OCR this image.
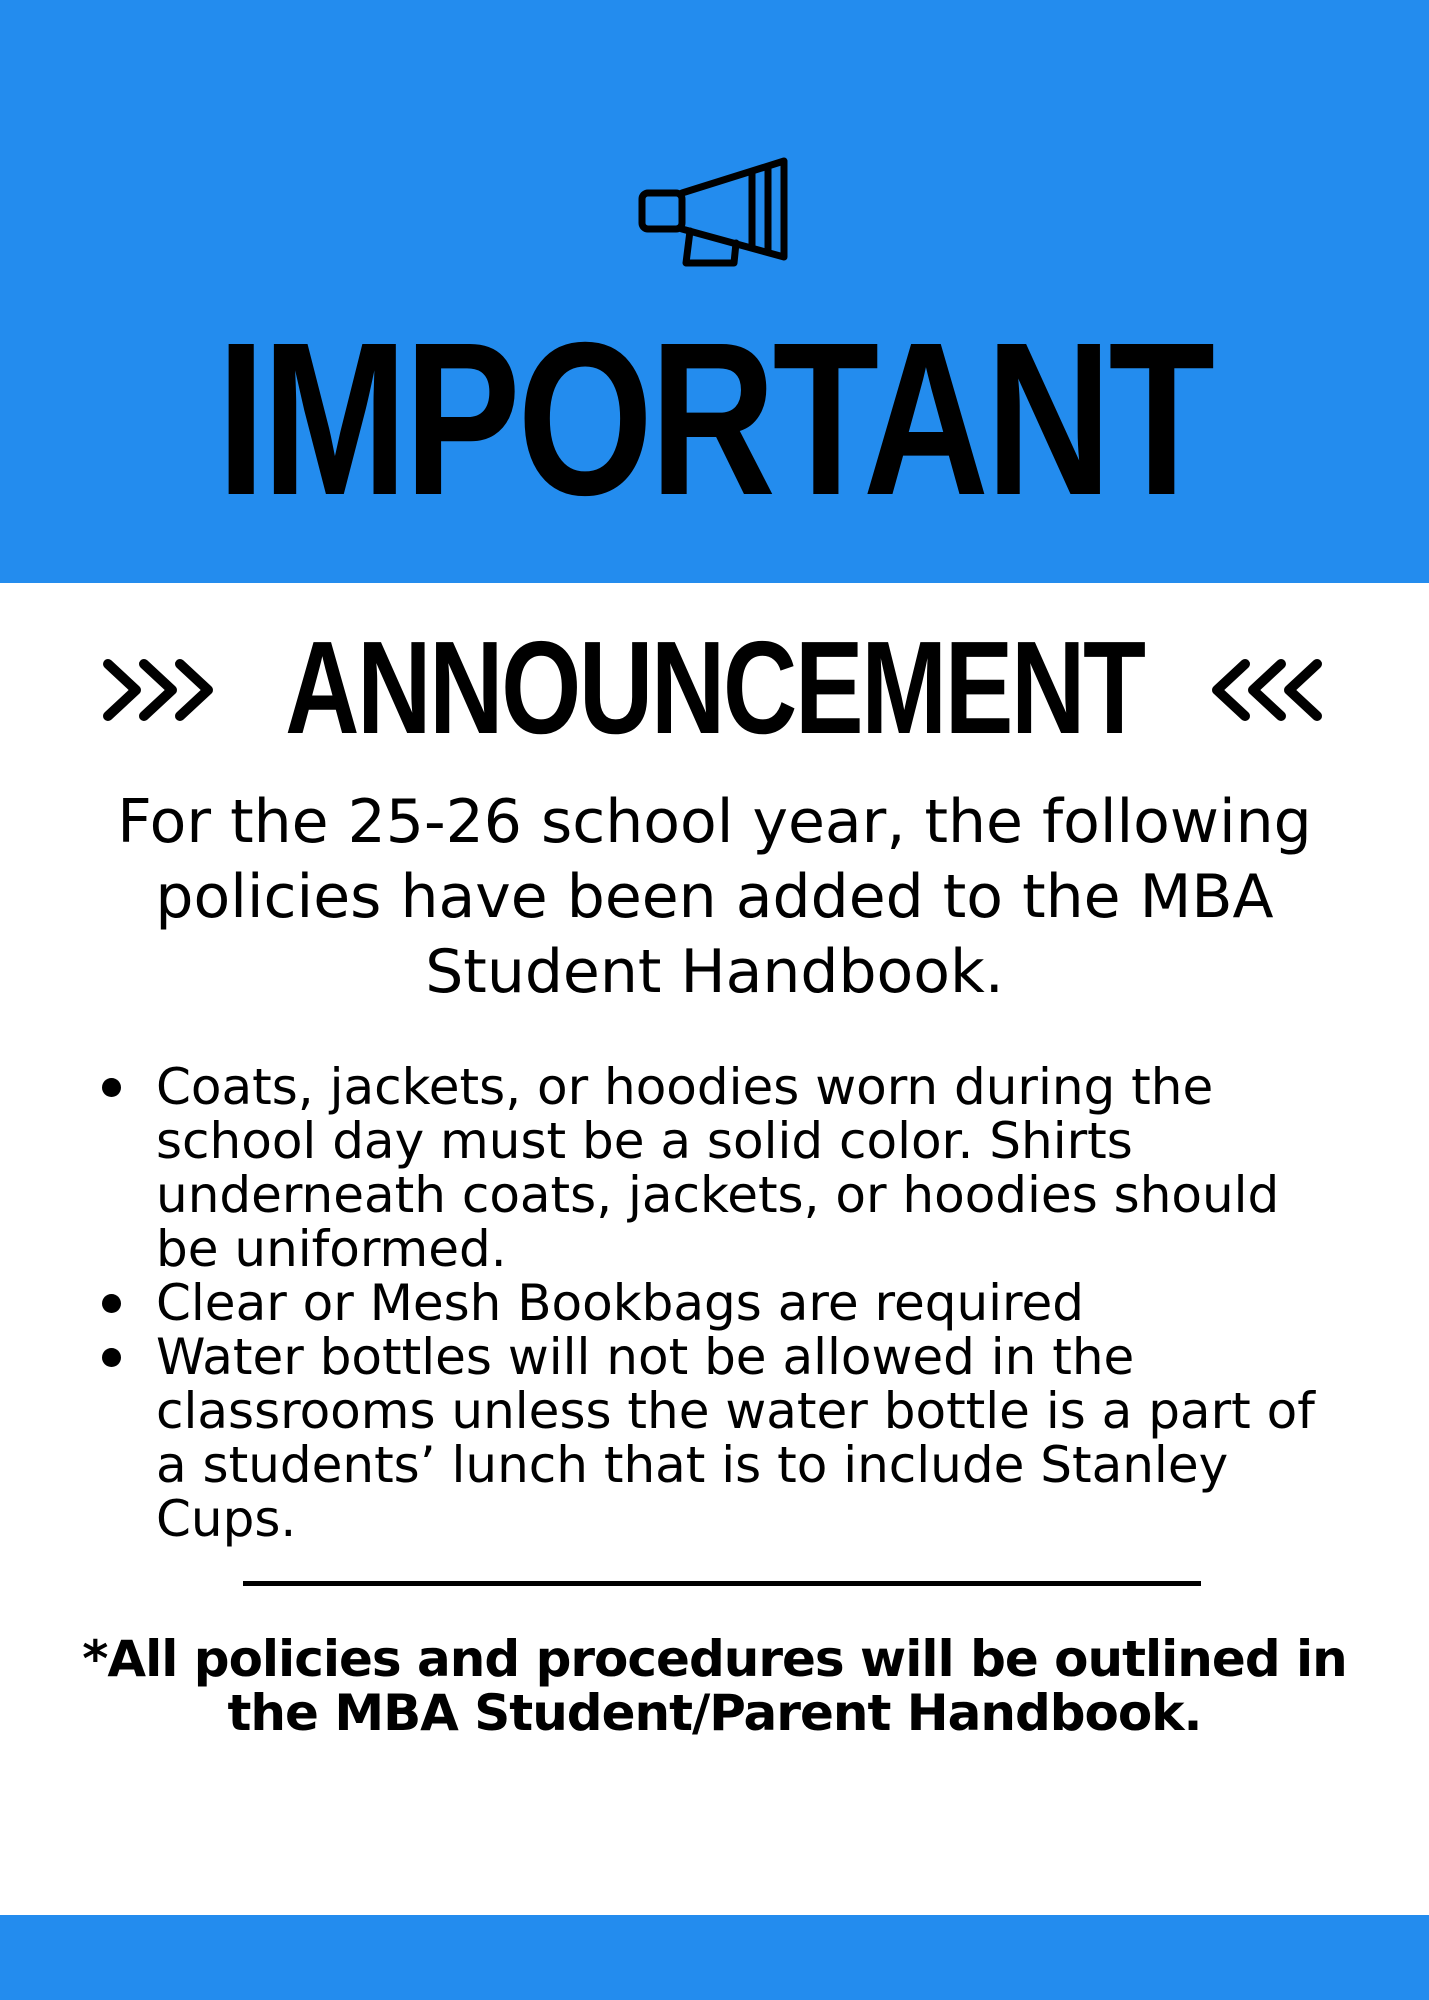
IMPORTANT
ANNOUNCEMENT

For the 25-26 school year, the following policies have been added to the MBA Student Handbook.

Coats, jackets, or hoodies worn during the school day must be a solid color. Shirts underneath coats, jackets, or hoodies should be uniformed.
Clear or Mesh Bookbags are required
Water bottles will not be allowed in the classrooms unless the water bottle is a part of a students’ lunch that is to include Stanley Cups.

*All policies and procedures will be outlined in the MBA Student/Parent Handbook.
